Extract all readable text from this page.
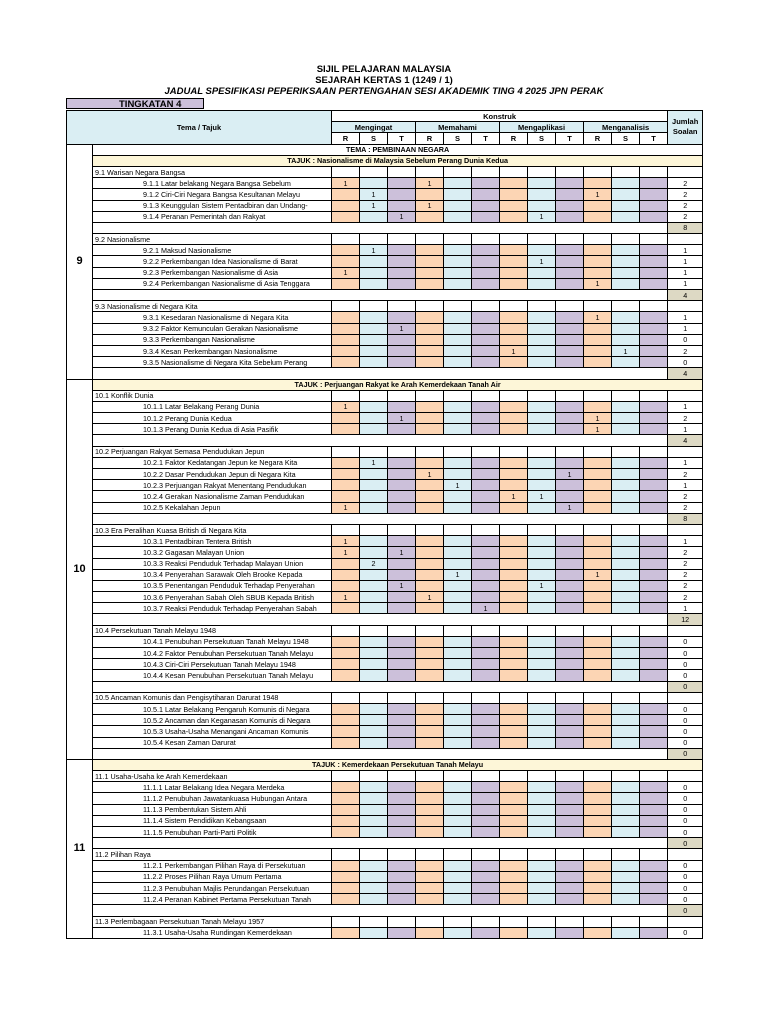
SIJIL PELAJARAN MALAYSIA
SEJARAH KERTAS 1 (1249 / 1)
JADUAL SPESIFIKASI PEPERIKSAAN PERTENGAHAN SESI AKADEMIK TING 4 2025 JPN PERAK
TINGKATAN 4
Tema / Tajuk		Konstruk												Jumlah Soalan
		Mengingat			Memahami			Mengaplikasi			Menganalisis			
		R	S	T	R	S	T	R	S	T	R	S	T	
9	TEMA : PEMBINAAN NEGARA													
	TAJUK : Nasionalisme di Malaysia Sebelum Perang Dunia Kedua													
	9.1 Warisan Negara Bangsa													
	9.1.1 Latar belakang Negara Bangsa Sebelum	1			1									2
	9.1.2 Ciri-Ciri Negara Bangsa Kesultanan Melayu		1								1			2
	9.1.3 Keunggulan Sistem Pentadbiran dan Undang-		1		1									2
	9.1.4 Peranan Pemerintah dan Rakyat			1					1					2
														8
	9.2 Nasionalisme													
	9.2.1 Maksud Nasionalisme		1											1
	9.2.2 Perkembangan Idea Nasionalisme di Barat								1					1
	9.2.3 Perkembangan Nasionalisme di Asia	1												1
	9.2.4 Perkembangan Nasionalisme di Asia Tenggara										1			1
														4
	9.3 Nasionalisme di Negara Kita													
	9.3.1 Kesedaran Nasionalisme di Negara Kita										1			1
	9.3.2 Faktor Kemunculan Gerakan Nasionalisme			1										1
	9.3.3 Perkembangan Nasionalisme													0
	9.3.4 Kesan Perkembangan Nasionalisme							1				1		2
	9.3.5 Nasionalisme di Negara Kita Sebelum Perang													0
														4
10	TAJUK : Perjuangan Rakyat ke Arah Kemerdekaan Tanah Air													
	10.1 Konflik Dunia													
	10.1.1 Latar Belakang Perang Dunia	1												1
	10.1.2 Perang Dunia Kedua			1							1			2
	10.1.3 Perang Dunia Kedua di Asia Pasifik										1			1
														4
	10.2 Perjuangan Rakyat Semasa Pendudukan Jepun													
	10.2.1 Faktor Kedatangan Jepun ke Negara Kita		1											1
	10.2.2 Dasar Pendudukan Jepun di Negara Kita				1					1				2
	10.2.3 Perjuangan Rakyat Menentang Pendudukan					1								1
	10.2.4 Gerakan Nasionalisme Zaman Pendudukan							1	1					2
	10.2.5 Kekalahan Jepun	1								1				2
														8
	10.3 Era Peralihan Kuasa British di Negara Kita													
	10.3.1 Pentadbiran Tentera British	1												1
	10.3.2 Gagasan Malayan Union	1		1										2
	10.3.3 Reaksi Penduduk Terhadap Malayan Union		2											2
	10.3.4 Penyerahan Sarawak Oleh Brooke Kepada					1					1			2
	10.3.5 Penentangan Penduduk Terhadap Penyerahan			1					1					2
	10.3.6 Penyerahan Sabah Oleh SBUB Kepada British	1			1									2
	10.3.7 Reaksi Penduduk Terhadap Penyerahan Sabah						1							1
														12
	10.4 Persekutuan Tanah Melayu 1948													
	10.4.1 Penubuhan Persekutuan Tanah Melayu 1948													0
	10.4.2 Faktor Penubuhan Persekutuan Tanah Melayu													0
	10.4.3 Ciri-Ciri Persekutuan Tanah Melayu 1948													0
	10.4.4 Kesan Penubuhan Persekutuan Tanah Melayu													0
														0
	10.5 Ancaman Komunis dan Pengisytiharan Darurat 1948													
	10.5.1 Latar Belakang Pengaruh Komunis di Negara													0
	10.5.2 Ancaman dan Keganasan Komunis di Negara													0
	10.5.3 Usaha-Usaha Menangani Ancaman Komunis													0
	10.5.4 Kesan Zaman Darurat													0
														0
11	TAJUK : Kemerdekaan Persekutuan Tanah Melayu													
	11.1 Usaha-Usaha ke Arah Kemerdekaan													
	11.1.1 Latar Belakang Idea Negara Merdeka													0
	11.1.2 Penubuhan Jawatankuasa Hubungan Antara													0
	11.1.3 Pembentukan Sistem Ahli													0
	11.1.4 Sistem Pendidikan Kebangsaan													0
	11.1.5 Penubuhan Parti-Parti Politik													0
														0
	11.2 Pilihan Raya													
	11.2.1 Perkembangan Pilihan Raya di Persekutuan													0
	11.2.2 Proses Pilihan Raya Umum Pertama													0
	11.2.3 Penubuhan Majlis Perundangan Persekutuan													0
	11.2.4 Peranan Kabinet Pertama Persekutuan Tanah													0
														0
	11.3 Perlembagaan Persekutuan Tanah Melayu 1957													
	11.3.1 Usaha-Usaha Rundingan Kemerdekaan													0
